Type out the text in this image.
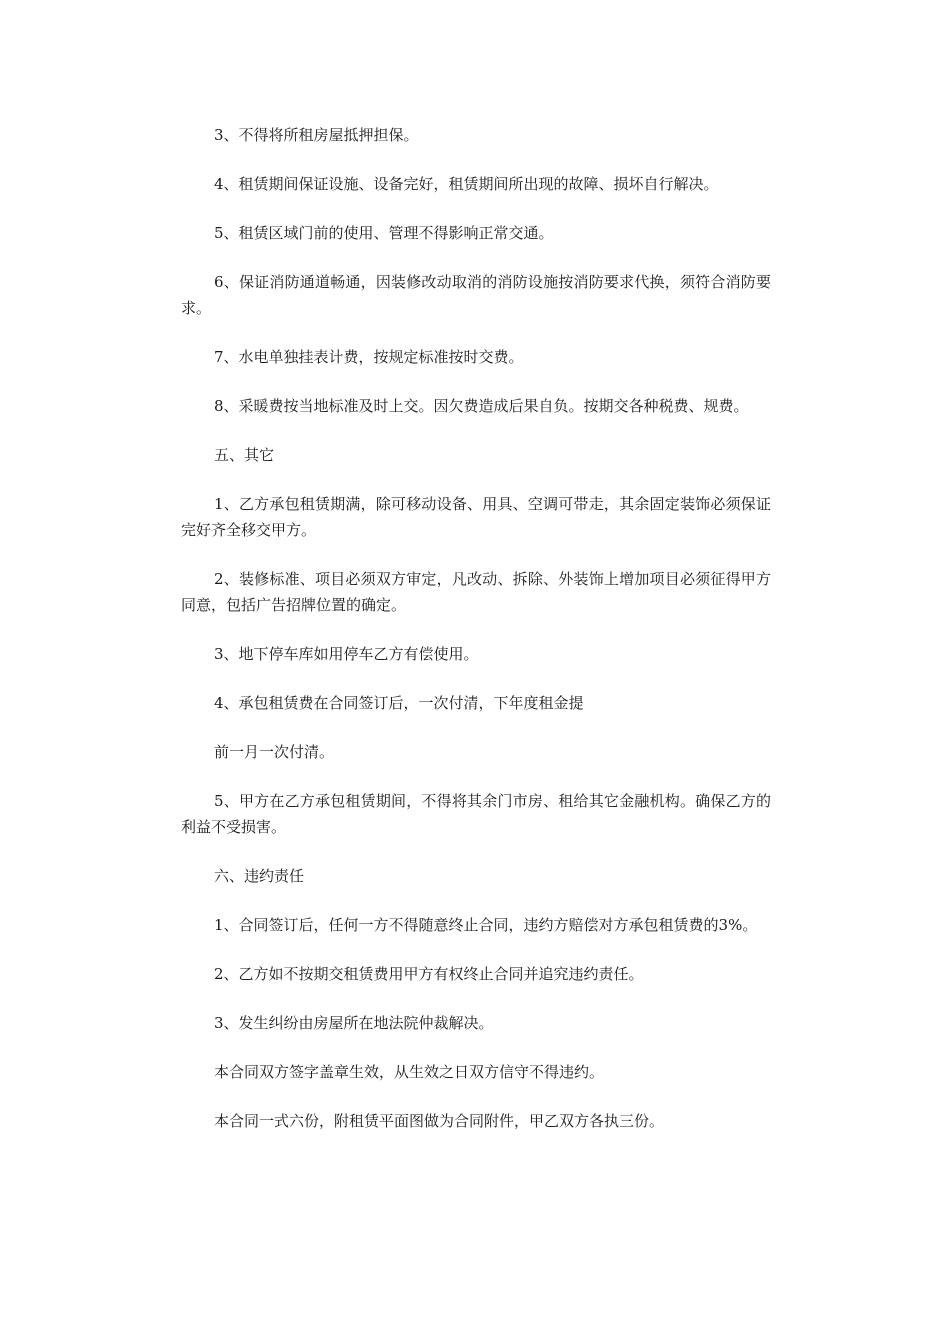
3、不得将所租房屋抵押担保。

4、租赁期间保证设施、设备完好，租赁期间所出现的故障、损坏自行解决。

5、租赁区域门前的使用、管理不得影响正常交通。

6、保证消防通道畅通，因装修改动取消的消防设施按消防要求代换，须符合消防要求。

7、水电单独挂表计费，按规定标准按时交费。

8、采暖费按当地标准及时上交。因欠费造成后果自负。按期交各种税费、规费。

五、其它

1、乙方承包租赁期满，除可移动设备、用具、空调可带走，其余固定装饰必须保证完好齐全移交甲方。

2、装修标准、项目必须双方审定，凡改动、拆除、外装饰上增加项目必须征得甲方同意，包括广告招牌位置的确定。

3、地下停车库如用停车乙方有偿使用。

4、承包租赁费在合同签订后，一次付清，下年度租金提

前一月一次付清。

5、甲方在乙方承包租赁期间，不得将其余门市房、租给其它金融机构。确保乙方的利益不受损害。

六、违约责任

1、合同签订后，任何一方不得随意终止合同，违约方赔偿对方承包租赁费的3%。

2、乙方如不按期交租赁费用甲方有权终止合同并追究违约责任。

3、发生纠纷由房屋所在地法院仲裁解决。

本合同双方签字盖章生效，从生效之日双方信守不得违约。

本合同一式六份，附租赁平面图做为合同附件，甲乙双方各执三份。
